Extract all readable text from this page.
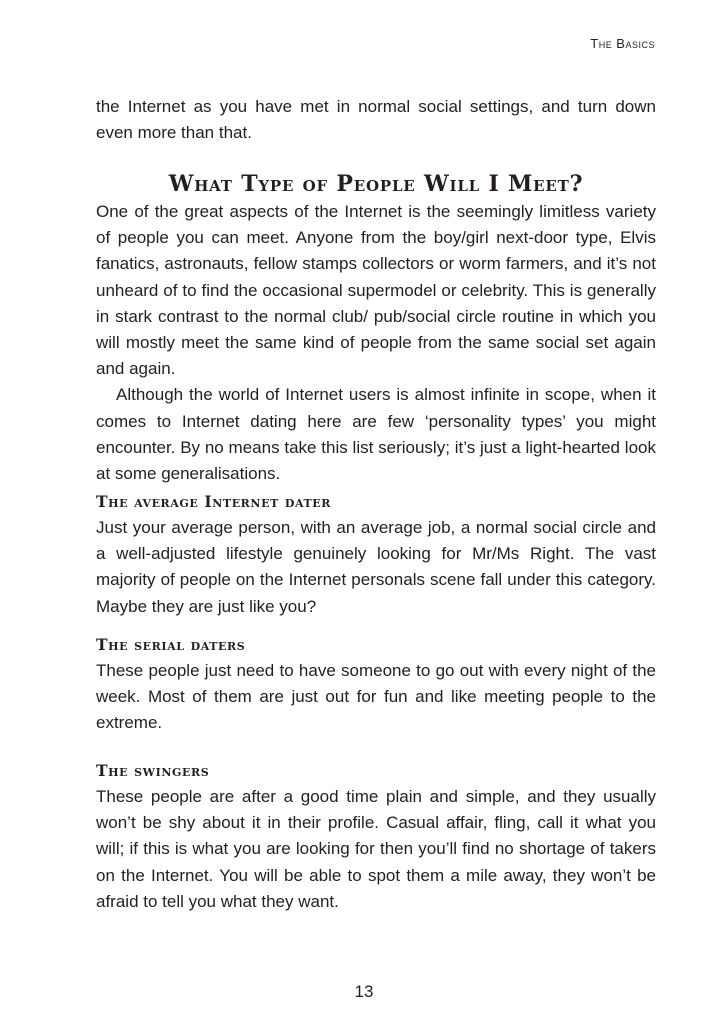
The Basics

the Internet as you have met in normal social settings, and turn down even more than that.

What Type of People Will I Meet?

One of the great aspects of the Internet is the seemingly limitless variety of people you can meet. Anyone from the boy/girl next-door type, Elvis fanatics, astronauts, fellow stamps collectors or worm farmers, and it’s not unheard of to find the occasional supermodel or celebrity. This is generally in stark contrast to the normal club/ pub/social circle routine in which you will mostly meet the same kind of people from the same social set again and again.

Although the world of Internet users is almost infinite in scope, when it comes to Internet dating here are few ‘personality types’ you might encounter. By no means take this list seriously; it’s just a light-hearted look at some generalisations.

The average Internet dater

Just your average person, with an average job, a normal social circle and a well-adjusted lifestyle genuinely looking for Mr/Ms Right. The vast majority of people on the Internet personals scene fall under this category. Maybe they are just like you?

The serial daters

These people just need to have someone to go out with every night of the week. Most of them are just out for fun and like meeting people to the extreme.

The swingers

These people are after a good time plain and simple, and they usually won’t be shy about it in their profile. Casual affair, fling, call it what you will; if this is what you are looking for then you’ll find no shortage of takers on the Internet. You will be able to spot them a mile away, they won’t be afraid to tell you what they want.

13
